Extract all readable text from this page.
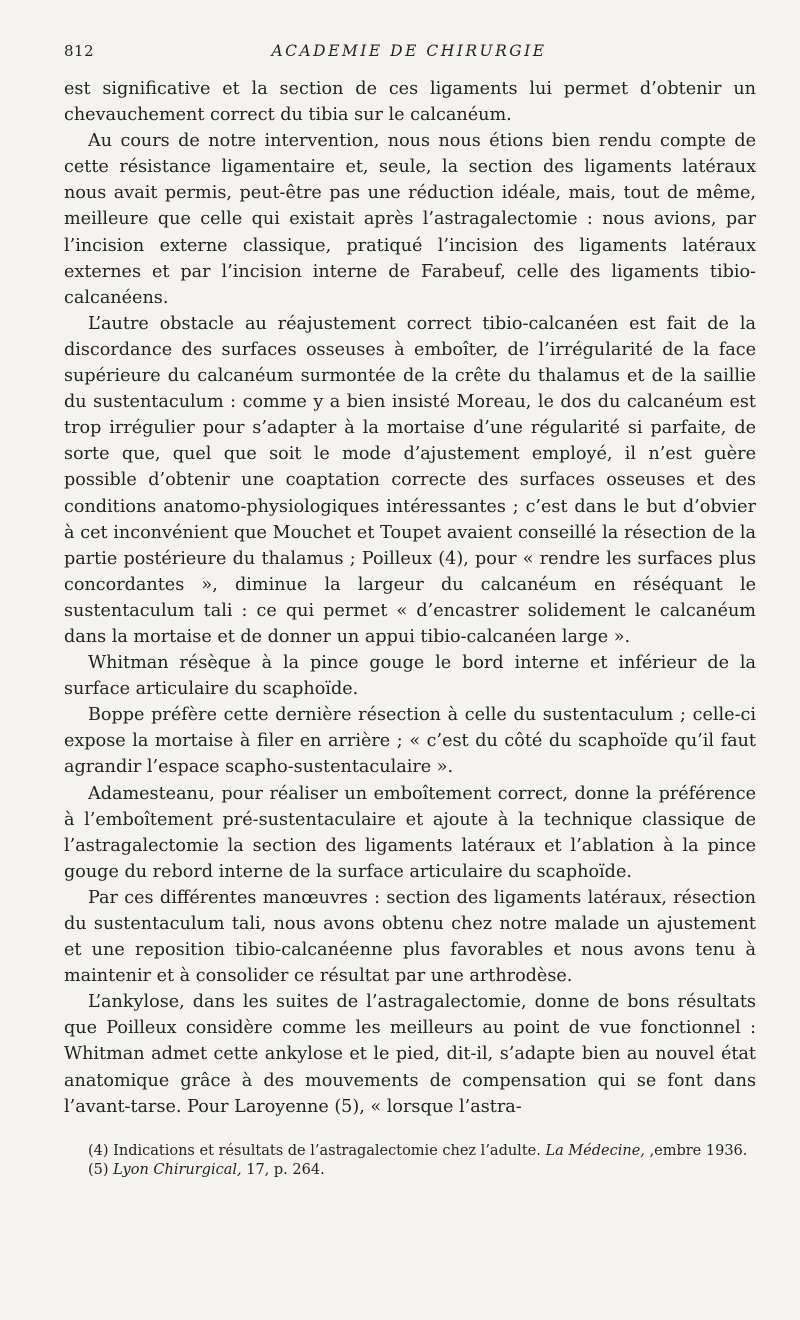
812	ACADEMIE DE CHIRURGIE

est significative et la section de ces ligaments lui permet d’obtenir un chevauchement correct du tibia sur le calcanéum.

Au cours de notre intervention, nous nous étions bien rendu compte de cette résistance ligamentaire et, seule, la section des ligaments latéraux nous avait permis, peut-être pas une réduction idéale, mais, tout de même, meilleure que celle qui existait après l’astragalectomie : nous avions, par l’incision externe classique, pratiqué l’incision des ligaments latéraux externes et par l’incision interne de Farabeuf, celle des ligaments tibio-calcanéens.

L’autre obstacle au réajustement correct tibio-calcanéen est fait de la discordance des surfaces osseuses à emboîter, de l’irrégularité de la face supérieure du calcanéum surmontée de la crête du thalamus et de la saillie du sustentaculum : comme y a bien insisté Moreau, le dos du calcanéum est trop irrégulier pour s’adapter à la mortaise d’une régularité si parfaite, de sorte que, quel que soit le mode d’ajustement employé, il n’est guère possible d’obtenir une coaptation correcte des surfaces osseuses et des conditions anatomo-physiologiques intéressantes ; c’est dans le but d’obvier à cet inconvénient que Mouchet et Toupet avaient conseillé la résection de la partie postérieure du thalamus ; Poilleux (4), pour « rendre les surfaces plus concordantes », diminue la largeur du calcanéum en réséquant le sustentaculum tali : ce qui permet « d’encastrer solidement le calcanéum dans la mortaise et de donner un appui tibio-calcanéen large ».

Whitman résèque à la pince gouge le bord interne et inférieur de la surface articulaire du scaphoïde.

Boppe préfère cette dernière résection à celle du sustentaculum ; celle-ci expose la mortaise à filer en arrière ; « c’est du côté du scaphoïde qu’il faut agrandir l’espace scapho-sustentaculaire ».

Adamesteanu, pour réaliser un emboîtement correct, donne la préférence à l’emboîtement pré-sustentaculaire et ajoute à la technique classique de l’astragalectomie la section des ligaments latéraux et l’ablation à la pince gouge du rebord interne de la surface articulaire du scaphoïde.

Par ces différentes manœuvres : section des ligaments latéraux, résection du sustentaculum tali, nous avons obtenu chez notre malade un ajustement et une reposition tibio-calcanéenne plus favorables et nous avons tenu à maintenir et à consolider ce résultat par une arthrodèse.

L’ankylose, dans les suites de l’astragalectomie, donne de bons résultats que Poilleux considère comme les meilleurs au point de vue fonctionnel : Whitman admet cette ankylose et le pied, dit-il, s’adapte bien au nouvel état anatomique grâce à des mouvements de compensation qui se font dans l’avant-tarse. Pour Laroyenne (5), « lorsque l’astra-

(4) Indications et résultats de l’astragalectomie chez l’adulte. La Médecine, ‚embre 1936.

(5) Lyon Chirurgical, 17, p. 264.
